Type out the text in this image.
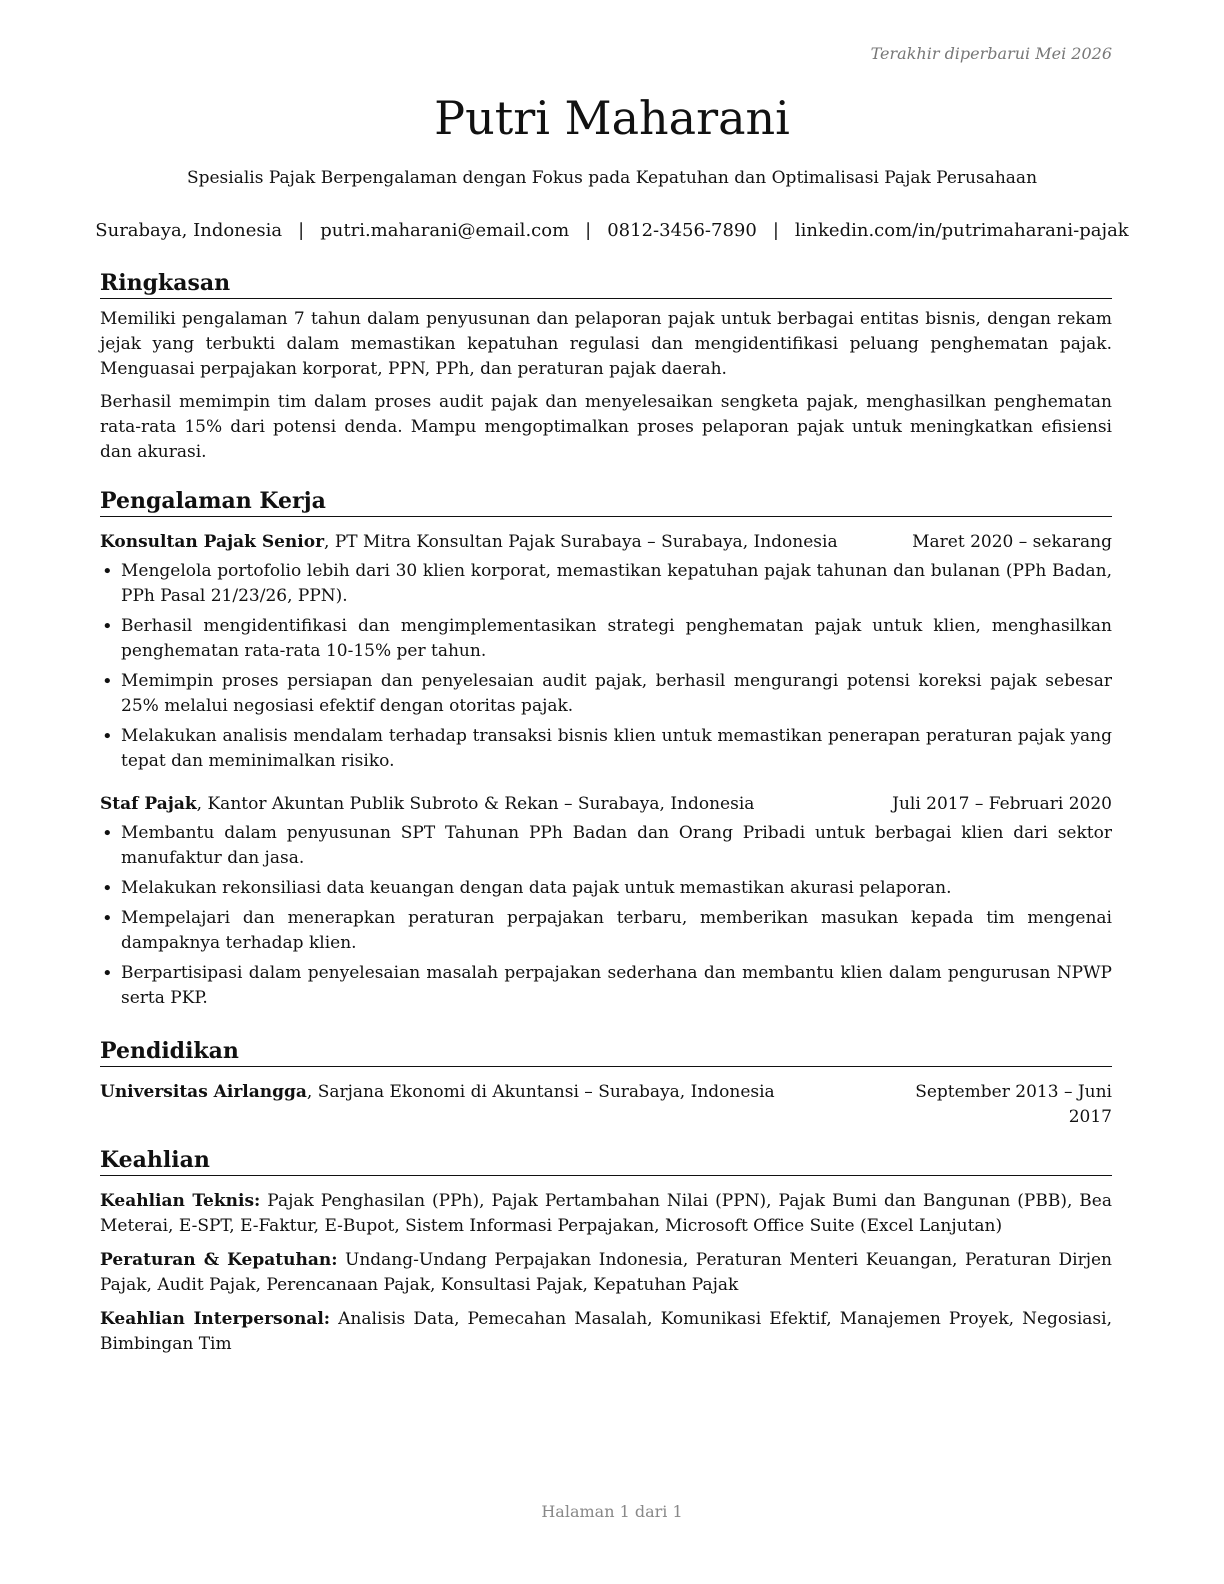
Terakhir diperbarui Mei 2026
Putri Maharani
Spesialis Pajak Berpengalaman dengan Fokus pada Kepatuhan dan Optimalisasi Pajak Perusahaan
Surabaya, Indonesia | putri.maharani@email.com | 0812-3456-7890 | linkedin.com/in/putrimaharani-pajak
Ringkasan

Memiliki pengalaman 7 tahun dalam penyusunan dan pelaporan pajak untuk berbagai entitas bisnis, dengan rekam jejak yang terbukti dalam memastikan kepatuhan regulasi dan mengidentifikasi peluang penghematan pajak. Menguasai perpajakan korporat, PPN, PPh, dan peraturan pajak daerah.

Berhasil memimpin tim dalam proses audit pajak dan menyelesaikan sengketa pajak, menghasilkan penghematan rata-rata 15% dari potensi denda. Mampu mengoptimalkan proses pelaporan pajak untuk meningkatkan efisiensi dan akurasi.

Pengalaman Kerja
Konsultan Pajak Senior, PT Mitra Konsultan Pajak Surabaya – Surabaya, Indonesia	Maret 2020 – sekarang
• Mengelola portofolio lebih dari 30 klien korporat, memastikan kepatuhan pajak tahunan dan bulanan (PPh Badan, PPh Pasal 21/23/26, PPN).
• Berhasil mengidentifikasi dan mengimplementasikan strategi penghematan pajak untuk klien, menghasilkan penghematan rata-rata 10-15% per tahun.
• Memimpin proses persiapan dan penyelesaian audit pajak, berhasil mengurangi potensi koreksi pajak sebesar 25% melalui negosiasi efektif dengan otoritas pajak.
• Melakukan analisis mendalam terhadap transaksi bisnis klien untuk memastikan penerapan peraturan pajak yang tepat dan meminimalkan risiko.
Staf Pajak, Kantor Akuntan Publik Subroto & Rekan – Surabaya, Indonesia	Juli 2017 – Februari 2020
• Membantu dalam penyusunan SPT Tahunan PPh Badan dan Orang Pribadi untuk berbagai klien dari sektor manufaktur dan jasa.
• Melakukan rekonsiliasi data keuangan dengan data pajak untuk memastikan akurasi pelaporan.
• Mempelajari dan menerapkan peraturan perpajakan terbaru, memberikan masukan kepada tim mengenai dampaknya terhadap klien.
• Berpartisipasi dalam penyelesaian masalah perpajakan sederhana dan membantu klien dalam pengurusan NPWP serta PKP.
Pendidikan
Universitas Airlangga, Sarjana Ekonomi di Akuntansi – Surabaya, Indonesia	September 2013 – Juni 2017
Keahlian

Keahlian Teknis: Pajak Penghasilan (PPh), Pajak Pertambahan Nilai (PPN), Pajak Bumi dan Bangunan (PBB), Bea Meterai, E-SPT, E-Faktur, E-Bupot, Sistem Informasi Perpajakan, Microsoft Office Suite (Excel Lanjutan)

Peraturan & Kepatuhan: Undang-Undang Perpajakan Indonesia, Peraturan Menteri Keuangan, Peraturan Dirjen Pajak, Audit Pajak, Perencanaan Pajak, Konsultasi Pajak, Kepatuhan Pajak

Keahlian Interpersonal: Analisis Data, Pemecahan Masalah, Komunikasi Efektif, Manajemen Proyek, Negosiasi, Bimbingan Tim

Halaman 1 dari 1
